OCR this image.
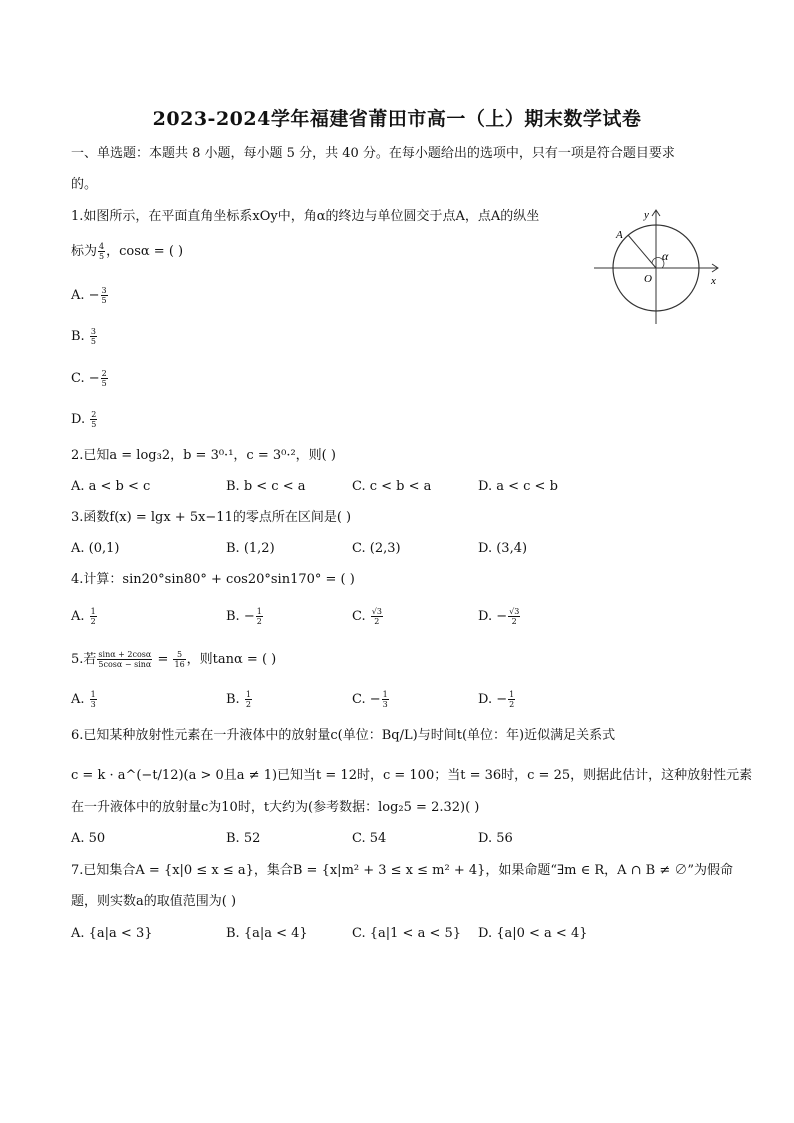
2023-2024学年福建省莆田市高一（上）期末数学试卷
一、单选题：本题共 8 小题，每小题 5 分，共 40 分。在每小题给出的选项中，只有一项是符合题目要求
的。
1.如图所示，在平面直角坐标系xOy中，角α的终边与单位圆交于点A，点A的纵坐
标为 $\frac{4}{5}$ ，cosα = ( )
A. − $\frac{3}{5}$
B. $\frac{3}{5}$
C. − $\frac{2}{5}$
D. $\frac{2}{5}$
A
y
x
O
α
2.已知a = log₃2，b = 3⁰·¹，c = 3⁰·²，则( )
A. a < b < c	B. b < c < a	C. c < b < a	D. a < c < b
3.函数f(x) = lgx + 5x−11的零点所在区间是( )
A. (0,1)	B. (1,2)	C. (2,3)	D. (3,4)
4.计算：sin20°sin80° + cos20°sin170° = ( )
A. $\frac{1}{2}$	B. − $\frac{1}{2}$	C. $\frac{√3}{2}$	D. − $\frac{√3}{2}$
5.若 $\frac{\sin\alpha + 2\cos\alpha}{5\cos\alpha - \sin\alpha} = \frac{5}{16}$ ，则tanα = ( )
A. $\frac{1}{3}$	B. $\frac{1}{2}$	C. − $\frac{1}{3}$	D. − $\frac{1}{2}$
6.已知某种放射性元素在一升液体中的放射量c(单位：Bq/L)与时间t(单位：年)近似满足关系式
c = k · a^(−t/12)(a > 0且a ≠ 1)已知当t = 12时，c = 100；当t = 36时，c = 25，则据此估计，这种放射性元素
在一升液体中的放射量c为10时，t大约为(参考数据：log₂5 = 2.32)( )
A. 50	B. 52	C. 54	D. 56
7.已知集合A = {x|0 ≤ x ≤ a}，集合B = {x|m² + 3 ≤ x ≤ m² + 4}，如果命题“∃m ∈ R，A ∩ B ≠ ∅”为假命
题，则实数a的取值范围为( )
A. {a|a < 3}	B. {a|a < 4}	C. {a|1 < a < 5} D. {a|0 < a < 4}
